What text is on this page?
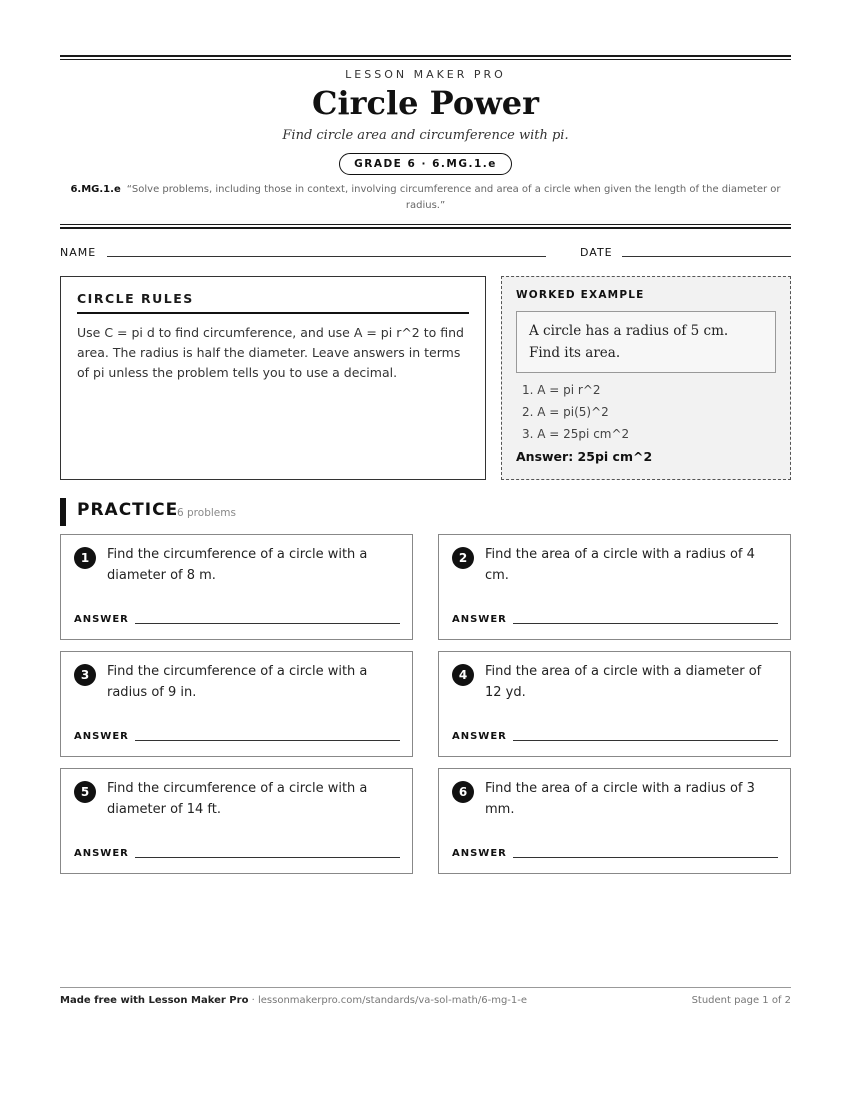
LESSON MAKER PRO
Circle Power
Find circle area and circumference with pi.
GRADE 6 · 6.MG.1.e
6.MG.1.e “Solve problems, including those in context, involving circumference and area of a circle when given the length of the diameter or radius.”
NAME	DATE
CIRCLE RULES
Use C = pi d to find circumference, and use A = pi r^2 to find area. The radius is half the diameter. Leave answers in terms of pi unless the problem tells you to use a decimal.
WORKED EXAMPLE
A circle has a radius of 5 cm. Find its area.
1. A = pi r^2
2. A = pi(5)^2
3. A = 25pi cm^2
Answer: 25pi cm^2
PRACTICE
6 problems
1	Find the circumference of a circle with a diameter of 8 m.
ANSWER
2	Find the area of a circle with a radius of 4 cm.
ANSWER
3	Find the circumference of a circle with a radius of 9 in.
ANSWER
4	Find the area of a circle with a diameter of 12 yd.
ANSWER
5	Find the circumference of a circle with a diameter of 14 ft.
ANSWER
6	Find the area of a circle with a radius of 3 mm.
ANSWER
Made free with Lesson Maker Pro · lessonmakerpro.com/standards/va-sol-math/6-mg-1-e	Student page 1 of 2
